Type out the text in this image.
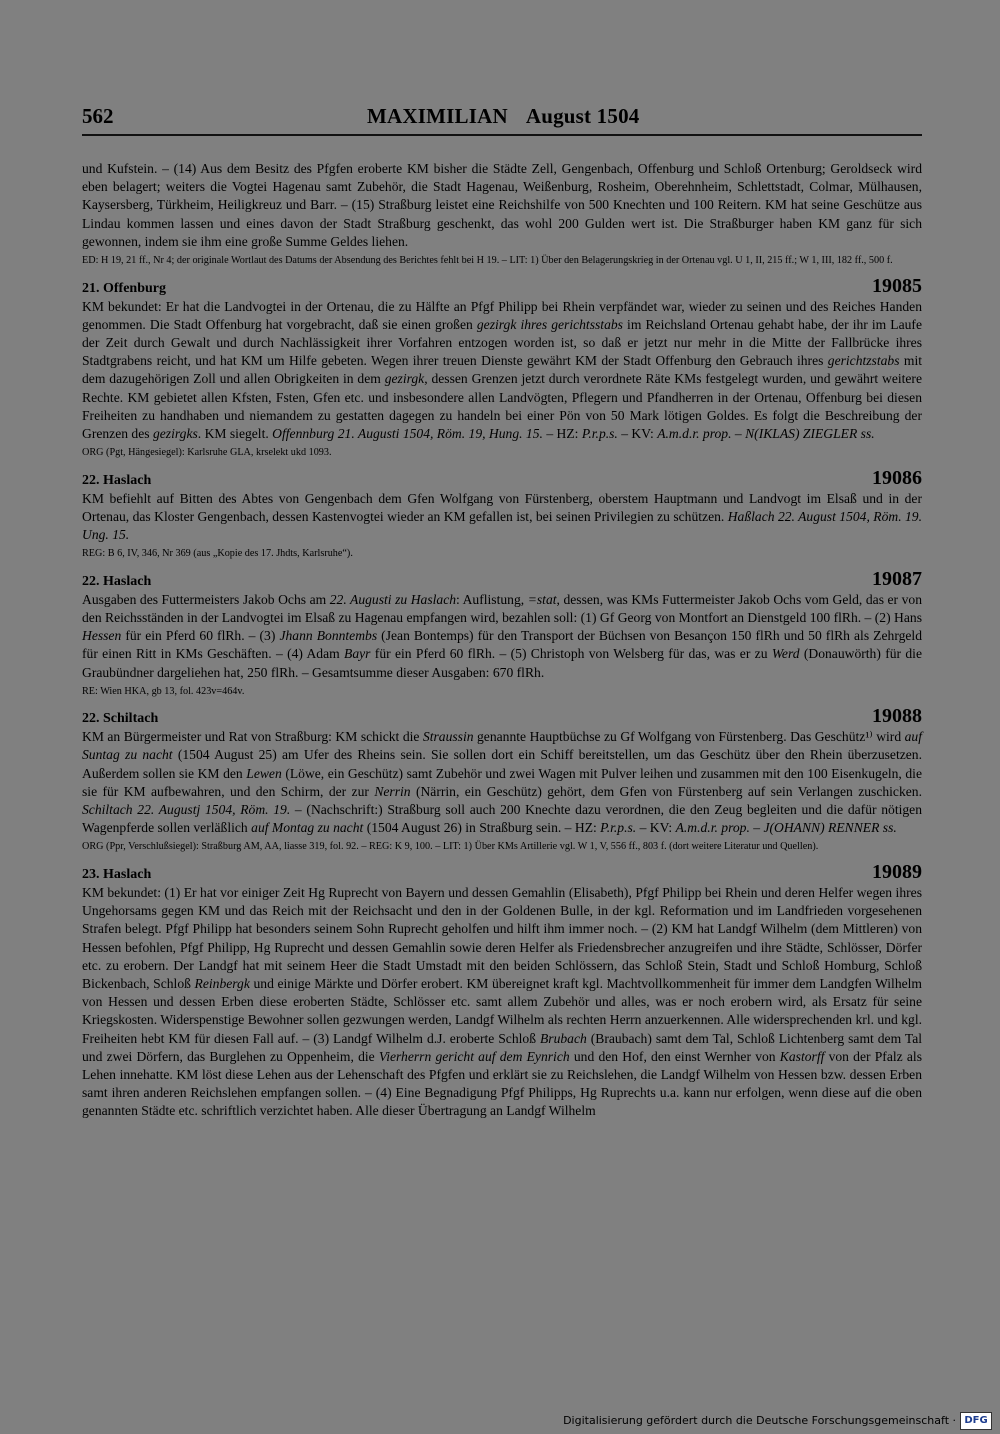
562	MAXIMILIAN August 1504

und Kufstein. – (14) Aus dem Besitz des Pfgfen eroberte KM bisher die Städte Zell, Gengenbach, Offenburg und Schloß Ortenburg; Geroldseck wird eben belagert; weiters die Vogtei Hagenau samt Zubehör, die Stadt Hagenau, Weißenburg, Rosheim, Oberehnheim, Schlettstadt, Colmar, Mülhausen, Kaysersberg, Türkheim, Heiligkreuz und Barr. – (15) Straßburg leistet eine Reichshilfe von 500 Knechten und 100 Reitern. KM hat seine Geschütze aus Lindau kommen lassen und eines davon der Stadt Straßburg geschenkt, das wohl 200 Gulden wert ist. Die Straßburger haben KM ganz für sich gewonnen, indem sie ihm eine große Summe Geldes liehen.

ED: H 19, 21 ff., Nr 4; der originale Wortlaut des Datums der Absendung des Berichtes fehlt bei H 19. – LIT: 1) Über den Belagerungskrieg in der Ortenau vgl. U 1, II, 215 ff.; W 1, III, 182 ff., 500 f.

21. Offenburg	19085

KM bekundet: Er hat die Landvogtei in der Ortenau, die zu Hälfte an Pfgf Philipp bei Rhein verpfändet war, wieder zu seinen und des Reiches Handen genommen. Die Stadt Offenburg hat vorgebracht, daß sie einen großen gezirgk ihres gerichtsstabs im Reichsland Ortenau gehabt habe, der ihr im Laufe der Zeit durch Gewalt und durch Nachlässigkeit ihrer Vorfahren entzogen worden ist, so daß er jetzt nur mehr in die Mitte der Fallbrücke ihres Stadtgrabens reicht, und hat KM um Hilfe gebeten. Wegen ihrer treuen Dienste gewährt KM der Stadt Offenburg den Gebrauch ihres gerichtzstabs mit dem dazugehörigen Zoll und allen Obrigkeiten in dem gezirgk, dessen Grenzen jetzt durch verordnete Räte KMs festgelegt wurden, und gewährt weitere Rechte. KM gebietet allen Kfsten, Fsten, Gfen etc. und insbesondere allen Landvögten, Pflegern und Pfandherren in der Ortenau, Offenburg bei diesen Freiheiten zu handhaben und niemandem zu gestatten dagegen zu handeln bei einer Pön von 50 Mark lötigen Goldes. Es folgt die Beschreibung der Grenzen des gezirgks. KM siegelt. Offennburg 21. Augusti 1504, Röm. 19, Hung. 15. – HZ: P.r.p.s. – KV: A.m.d.r. prop. – N(IKLAS) ZIEGLER ss.

ORG (Pgt, Hängesiegel): Karlsruhe GLA, krselekt ukd 1093.

22. Haslach	19086

KM befiehlt auf Bitten des Abtes von Gengenbach dem Gfen Wolfgang von Fürstenberg, oberstem Hauptmann und Landvogt im Elsaß und in der Ortenau, das Kloster Gengenbach, dessen Kastenvogtei wieder an KM gefallen ist, bei seinen Privilegien zu schützen. Haßlach 22. August 1504, Röm. 19. Ung. 15.

REG: B 6, IV, 346, Nr 369 (aus „Kopie des 17. Jhdts, Karlsruhe“).

22. Haslach	19087

Ausgaben des Futtermeisters Jakob Ochs am 22. Augusti zu Haslach: Auflistung, =stat, dessen, was KMs Futtermeister Jakob Ochs vom Geld, das er von den Reichsständen in der Landvogtei im Elsaß zu Hagenau empfangen wird, bezahlen soll: (1) Gf Georg von Montfort an Dienstgeld 100 flRh. – (2) Hans Hessen für ein Pferd 60 flRh. – (3) Jhann Bonntembs (Jean Bontemps) für den Transport der Büchsen von Besançon 150 flRh und 50 flRh als Zehrgeld für einen Ritt in KMs Geschäften. – (4) Adam Bayr für ein Pferd 60 flRh. – (5) Christoph von Welsberg für das, was er zu Werd (Donauwörth) für die Graubündner dargeliehen hat, 250 flRh. – Gesamtsumme dieser Ausgaben: 670 flRh.

RE: Wien HKA, gb 13, fol. 423v=464v.

22. Schiltach	19088

KM an Bürgermeister und Rat von Straßburg: KM schickt die Straussin genannte Hauptbüchse zu Gf Wolfgang von Fürstenberg. Das Geschütz¹⁾ wird auf Suntag zu nacht (1504 August 25) am Ufer des Rheins sein. Sie sollen dort ein Schiff bereitstellen, um das Geschütz über den Rhein überzusetzen. Außerdem sollen sie KM den Lewen (Löwe, ein Geschütz) samt Zubehör und zwei Wagen mit Pulver leihen und zusammen mit den 100 Eisenkugeln, die sie für KM aufbewahren, und den Schirm, der zur Nerrin (Närrin, ein Geschütz) gehört, dem Gfen von Fürstenberg auf sein Verlangen zuschicken. Schiltach 22. Augustj 1504, Röm. 19. – (Nachschrift:) Straßburg soll auch 200 Knechte dazu verordnen, die den Zeug begleiten und die dafür nötigen Wagenpferde sollen verläßlich auf Montag zu nacht (1504 August 26) in Straßburg sein. – HZ: P.r.p.s. – KV: A.m.d.r. prop. – J(OHANN) RENNER ss.

ORG (Ppr, Verschlußsiegel): Straßburg AM, AA, liasse 319, fol. 92. – REG: K 9, 100. – LIT: 1) Über KMs Artillerie vgl. W 1, V, 556 ff., 803 f. (dort weitere Literatur und Quellen).

23. Haslach	19089

KM bekundet: (1) Er hat vor einiger Zeit Hg Ruprecht von Bayern und dessen Gemahlin (Elisabeth), Pfgf Philipp bei Rhein und deren Helfer wegen ihres Ungehorsams gegen KM und das Reich mit der Reichsacht und den in der Goldenen Bulle, in der kgl. Reformation und im Landfrieden vorgesehenen Strafen belegt. Pfgf Philipp hat besonders seinem Sohn Ruprecht geholfen und hilft ihm immer noch. – (2) KM hat Landgf Wilhelm (dem Mittleren) von Hessen befohlen, Pfgf Philipp, Hg Ruprecht und dessen Gemahlin sowie deren Helfer als Friedensbrecher anzugreifen und ihre Städte, Schlösser, Dörfer etc. zu erobern. Der Landgf hat mit seinem Heer die Stadt Umstadt mit den beiden Schlössern, das Schloß Stein, Stadt und Schloß Homburg, Schloß Bickenbach, Schloß Reinbergk und einige Märkte und Dörfer erobert. KM übereignet kraft kgl. Machtvollkommenheit für immer dem Landgfen Wilhelm von Hessen und dessen Erben diese eroberten Städte, Schlösser etc. samt allem Zubehör und alles, was er noch erobern wird, als Ersatz für seine Kriegskosten. Widerspenstige Bewohner sollen gezwungen werden, Landgf Wilhelm als rechten Herrn anzuerkennen. Alle widersprechenden krl. und kgl. Freiheiten hebt KM für diesen Fall auf. – (3) Landgf Wilhelm d.J. eroberte Schloß Brubach (Braubach) samt dem Tal, Schloß Lichtenberg samt dem Tal und zwei Dörfern, das Burglehen zu Oppenheim, die Vierherrn gericht auf dem Eynrich und den Hof, den einst Wernher von Kastorff von der Pfalz als Lehen innehatte. KM löst diese Lehen aus der Lehenschaft des Pfgfen und erklärt sie zu Reichslehen, die Landgf Wilhelm von Hessen bzw. dessen Erben samt ihren anderen Reichslehen empfangen sollen. – (4) Eine Begnadigung Pfgf Philipps, Hg Ruprechts u.a. kann nur erfolgen, wenn diese auf die oben genannten Städte etc. schriftlich verzichtet haben. Alle dieser Übertragung an Landgf Wilhelm

Digitalisierung gefördert durch die Deutsche Forschungsgemeinschaft · DFG
